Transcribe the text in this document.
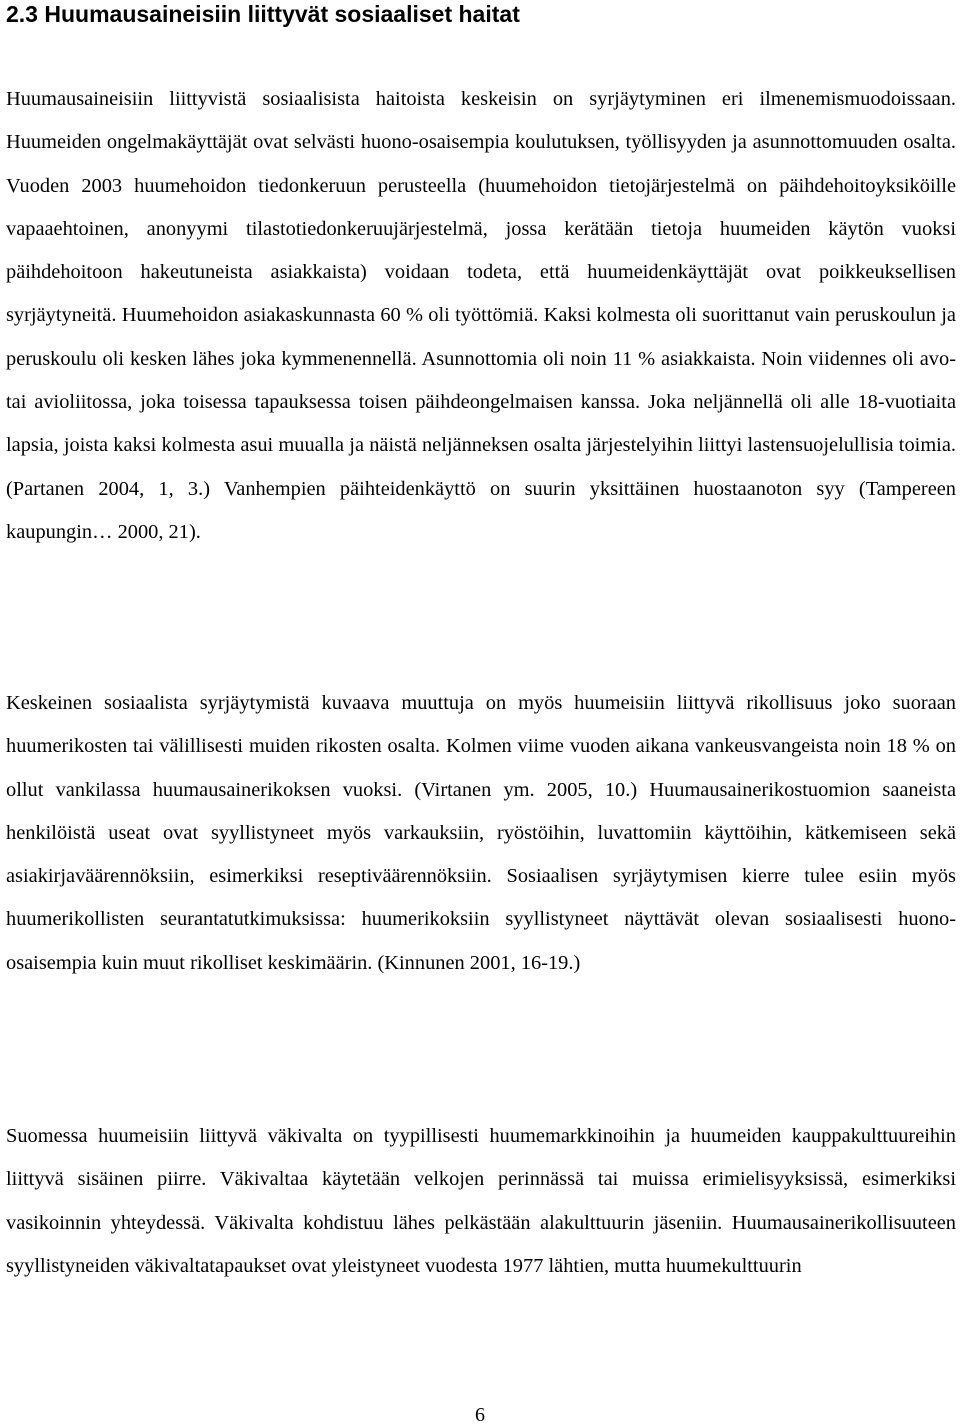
2.3 Huumausaineisiin liittyvät sosiaaliset haitat

Huumausaineisiin liittyvistä sosiaalisista haitoista keskeisin on syrjäytyminen eri ilmenemismuodoissaan. Huumeiden ongelmakäyttäjät ovat selvästi huono-osaisempia koulutuksen, työllisyyden ja asunnottomuuden osalta. Vuoden 2003 huumehoidon tiedonkeruun perusteella (huumehoidon tietojärjestelmä on päihdehoitoyksiköille vapaaehtoinen, anonyymi tilastotiedonkeruujärjestelmä, jossa kerätään tietoja huumeiden käytön vuoksi päihdehoitoon hakeutuneista asiakkaista) voidaan todeta, että huumeidenkäyttäjät ovat poikkeuksellisen syrjäytyneitä. Huumehoidon asiakaskunnasta 60 % oli työttömiä. Kaksi kolmesta oli suorittanut vain peruskoulun ja peruskoulu oli kesken lähes joka kymmenennellä. Asunnottomia oli noin 11 % asiakkaista. Noin viidennes oli avo- tai avioliitossa, joka toisessa tapauksessa toisen päihdeongelmaisen kanssa. Joka neljännellä oli alle 18-vuotiaita lapsia, joista kaksi kolmesta asui muualla ja näistä neljänneksen osalta järjestelyihin liittyi lastensuojelullisia toimia. (Partanen 2004, 1, 3.) Vanhempien päihteidenkäyttö on suurin yksittäinen huostaanoton syy (Tampereen kaupungin… 2000, 21).

Keskeinen sosiaalista syrjäytymistä kuvaava muuttuja on myös huumeisiin liittyvä rikollisuus joko suoraan huumerikosten tai välillisesti muiden rikosten osalta. Kolmen viime vuoden aikana vankeusvangeista noin 18 % on ollut vankilassa huumausainerikoksen vuoksi. (Virtanen ym. 2005, 10.) Huumausainerikostuomion saaneista henkilöistä useat ovat syyllistyneet myös varkauksiin, ryöstöihin, luvattomiin käyttöihin, kätkemiseen sekä asiakirjaväärennöksiin, esimerkiksi reseptiväärennöksiin. Sosiaalisen syrjäytymisen kierre tulee esiin myös huumerikollisten seurantatutkimuksissa: huumerikoksiin syyllistyneet näyttävät olevan sosiaalisesti huono-osaisempia kuin muut rikolliset keskimäärin. (Kinnunen 2001, 16-19.)

Suomessa huumeisiin liittyvä väkivalta on tyypillisesti huumemarkkinoihin ja huumeiden kauppakulttuureihin liittyvä sisäinen piirre. Väkivaltaa käytetään velkojen perinnässä tai muissa erimielisyyksissä, esimerkiksi vasikoinnin yhteydessä. Väkivalta kohdistuu lähes pelkästään alakulttuurin jäseniin. Huumausainerikollisuuteen syyllistyneiden väkivaltatapaukset ovat yleistyneet vuodesta 1977 lähtien, mutta huumekulttuurin

6
